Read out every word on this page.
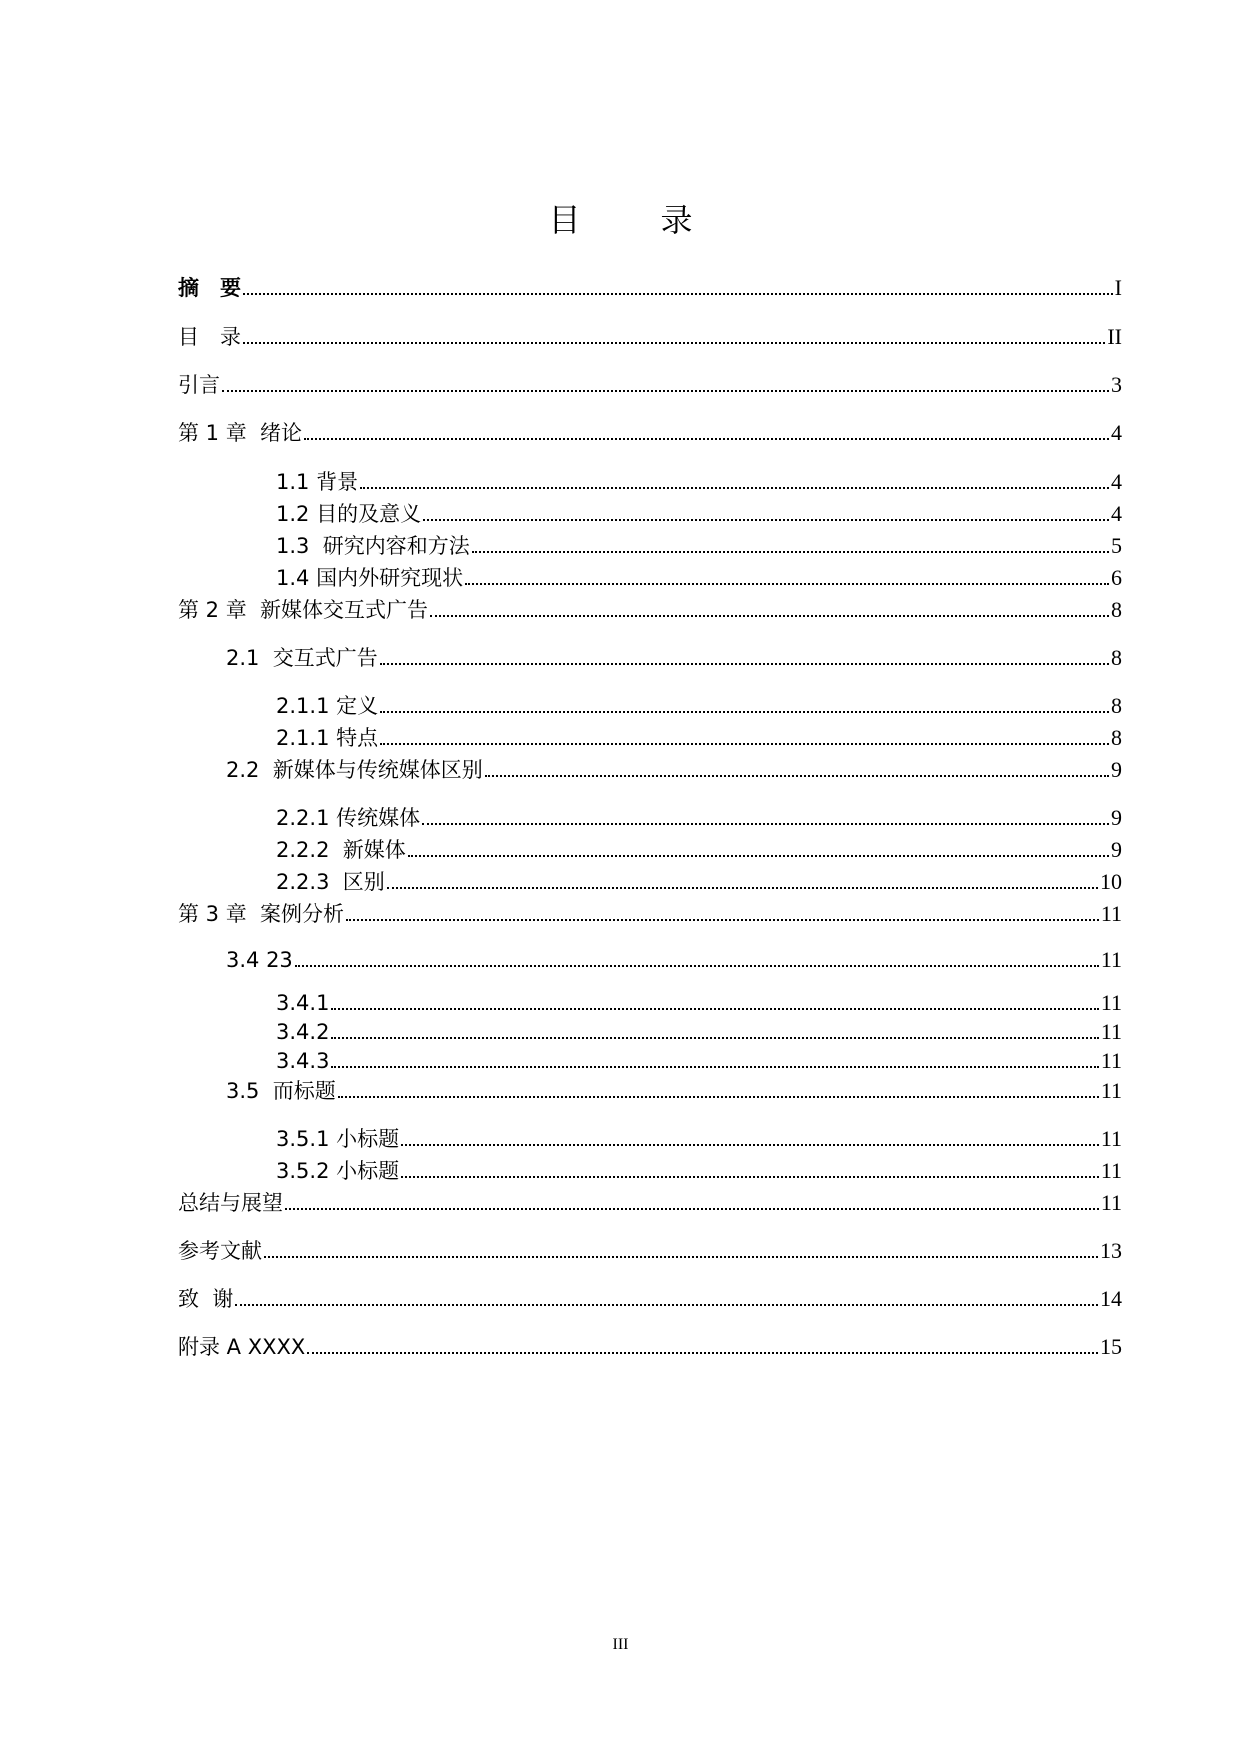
目　录
摘　要	I
目　录	II
引言	3
第 1 章  绪论	4
1.1 背景	4
1.2 目的及意义	4
1.3  研究内容和方法	5
1.4 国内外研究现状	6
第 2 章  新媒体交互式广告	8
2.1  交互式广告	8
2.1.1 定义	8
2.1.1 特点	8
2.2  新媒体与传统媒体区别	9
2.2.1 传统媒体	9
2.2.2  新媒体	9
2.2.3  区别	10
第 3 章  案例分析	11
3.4 23	11
3.4.1	11
3.4.2	11
3.4.3	11
3.5  而标题	11
3.5.1 小标题	11
3.5.2 小标题	11
总结与展望	11
参考文献	13
致  谢	14
附录 A XXXX	15
III
